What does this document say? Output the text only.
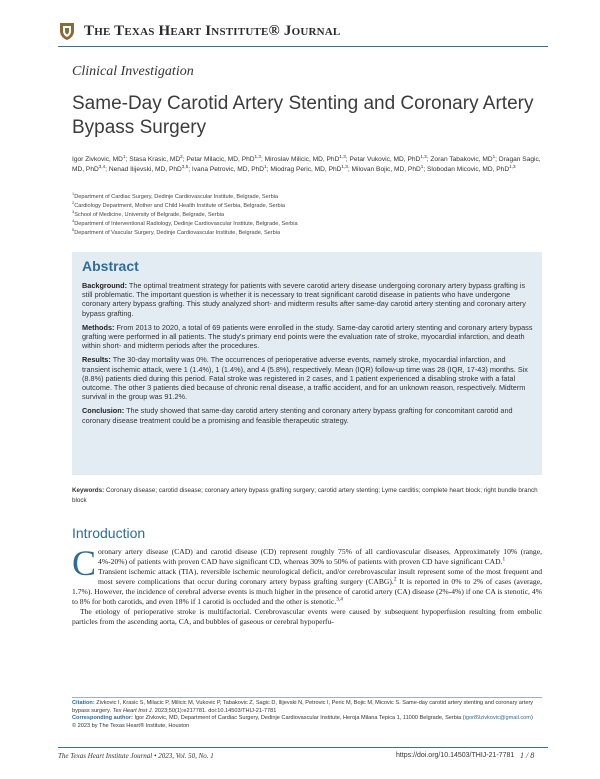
The Texas Heart Institute® Journal
Clinical Investigation
Same-Day Carotid Artery Stenting and Coronary Artery Bypass Surgery
Igor Zivkovic, $MD^1$; Stasa Krasic, $MD^2$; Petar Milacic, MD, PhD$^{1,3}$; Miroslav Milicic, MD, PhD$^{1,3}$; Petar Vukovic, MD, PhD$^{1,3}$; Zoran Tabakovic, $MD^1$; Dragan Sagic, MD, PhD$^{3,4}$; Nenad Ilijevski, MD, PhD$^{3,5}$; Ivana Petrovic, MD, PhD$^1$; Miodrag Peric, MD, PhD$^{1,3}$; Milovan Bojic, MD, PhD$^1$; Slobodan Micovic, MD, PhD$^{1,3}$
$^1$Department of Cardiac Surgery, Dedinje Cardiovascular Institute, Belgrade, Serbia
$^2$Cardiology Department, Mother and Child Health Institute of Serbia, Belgrade, Serbia
$^3$School of Medicine, University of Belgrade, Belgrade, Serbia
$^4$Department of Interventional Radiology, Dedinje Cardiovascular Institute, Belgrade, Serbia
$^5$Department of Vascular Surgery, Dedinje Cardiovascular Institute, Belgrade, Serbia
Abstract

Background: The optimal treatment strategy for patients with severe carotid artery disease undergoing coronary artery bypass grafting is still problematic. The important question is whether it is necessary to treat significant carotid disease in patients who have undergone coronary artery bypass grafting. This study analyzed short- and midterm results after same-day carotid artery stenting and coronary artery bypass grafting.

Methods: From 2013 to 2020, a total of 69 patients were enrolled in the study. Same-day carotid artery stenting and coronary artery bypass grafting were performed in all patients. The study's primary end points were the evaluation rate of stroke, myocardial infarction, and death within short- and midterm periods after the procedures.

Results: The 30-day mortality was 0%. The occurrences of perioperative adverse events, namely stroke, myocardial infarction, and transient ischemic attack, were 1 (1.4%), 1 (1.4%), and 4 (5.8%), respectively. Mean (IQR) follow-up time was 28 (IQR, 17-43) months. Six (8.8%) patients died during this period. Fatal stroke was registered in 2 cases, and 1 patient experienced a disabling stroke with a fatal outcome. The other 3 patients died because of chronic renal disease, a traffic accident, and for an unknown reason, respectively. Midterm survival in the group was 91.2%.

Conclusion: The study showed that same-day carotid artery stenting and coronary artery bypass grafting for concomitant carotid and coronary disease treatment could be a promising and feasible therapeutic strategy.

Keywords: Coronary disease; carotid disease; coronary artery bypass grafting surgery; carotid artery stenting; Lyme carditis; complete heart block; right bundle branch block
Introduction

Coronary artery disease (CAD) and carotid disease (CD) represent roughly 75% of all cardiovascular diseases. Approximately 10% (range, 4%-20%) of patients with proven CAD have significant CD, whereas 30% to 50% of patients with proven CD have significant CAD.$^1$

Transient ischemic attack (TIA), reversible ischemic neurological deficit, and/or cerebrovascular insult represent some of the most frequent and most severe complications that occur during coronary artery bypass grafting surgery (CABG).$^2$ It is reported in 0% to 2% of cases (average, 1.7%). However, the incidence of cerebral adverse events is much higher in the presence of carotid artery (CA) disease (2%-4%) if one CA is stenotic, 4% to 8% for both carotids, and even 18% if 1 carotid is occluded and the other is stenotic.$^{3,4}$

The etiology of perioperative stroke is multifactorial. Cerebrovascular events were caused by subsequent hypoperfusion resulting from embolic particles from the ascending aorta, CA, and bubbles of gaseous or cerebral hypoperfu-

Citation: Zivkovic I, Krasic S, Milacic P, Milicic M, Vukovic P, Tabakovic Z, Sagic D, Ilijevski N, Petrovic I, Peric M, Bojic M, Micovic S. Same-day carotid artery stenting and coronary artery bypass surgery. Tex Heart Inst J. 2023;50(1):e217781. doi:10.14503/THIJ-21-7781
Corresponding author: Igor Zivkovic, MD, Department of Cardiac Surgery, Dedinje Cardiovascular Institute, Heroja Milana Tepica 1, 11000 Belgrade, Serbia (igor89zivkovic@gmail.com)
© 2023 by The Texas Heart® Institute, Houston
The Texas Heart Institute Journal • 2023, Vol. 50, No. 1	https://doi.org/10.14503/THIJ-21-7781 1 / 8
